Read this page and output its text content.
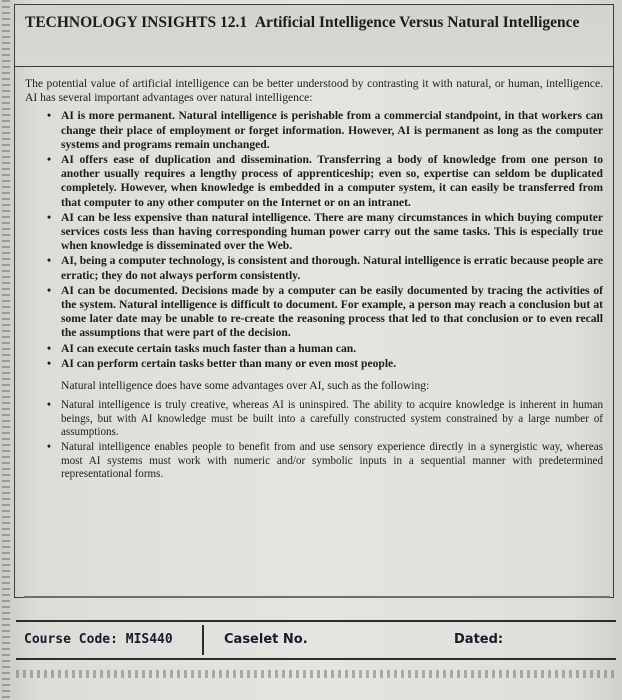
TECHNOLOGY INSIGHTS 12.1 Artificial Intelligence Versus Natural Intelligence

The potential value of artificial intelligence can be better understood by contrasting it with natural, or human, intelligence. AI has several important advantages over natural intelligence:

• AI is more permanent. Natural intelligence is perishable from a commercial standpoint, in that workers can change their place of employment or forget information. However, AI is permanent as long as the computer systems and programs remain unchanged.
• AI offers ease of duplication and dissemination. Transferring a body of knowledge from one person to another usually requires a lengthy process of apprenticeship; even so, expertise can seldom be duplicated completely. However, when knowledge is embedded in a computer system, it can easily be transferred from that computer to any other computer on the Internet or on an intranet.
• AI can be less expensive than natural intelligence. There are many circumstances in which buying computer services costs less than having corresponding human power carry out the same tasks. This is especially true when knowledge is disseminated over the Web.
• AI, being a computer technology, is consistent and thorough. Natural intelligence is erratic because people are erratic; they do not always perform consistently.
• AI can be documented. Decisions made by a computer can be easily documented by tracing the activities of the system. Natural intelligence is difficult to document. For example, a person may reach a conclusion but at some later date may be unable to re-create the reasoning process that led to that conclusion or to even recall the assumptions that were part of the decision.
• AI can execute certain tasks much faster than a human can.
• AI can perform certain tasks better than many or even most people.

Natural intelligence does have some advantages over AI, such as the following:

• Natural intelligence is truly creative, whereas AI is uninspired. The ability to acquire knowledge is inherent in human beings, but with AI knowledge must be built into a carefully constructed system constrained by a large number of assumptions.
• Natural intelligence enables people to benefit from and use sensory experience directly in a synergistic way, whereas most AI systems must work with numeric and/or symbolic inputs in a sequential manner with predetermined representational forms.
Course Code: MIS440	Caselet No.	Dated:
